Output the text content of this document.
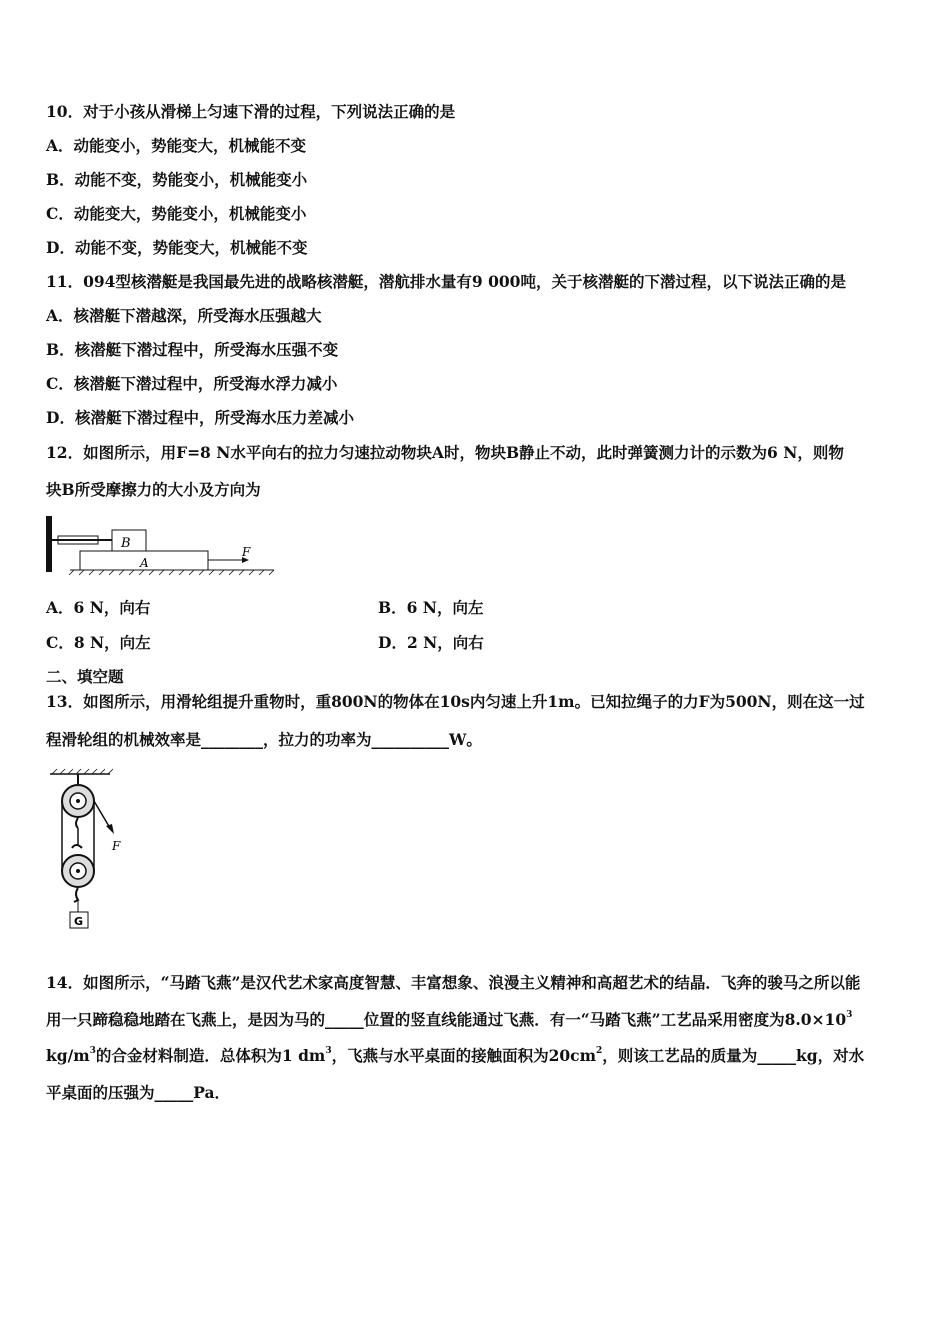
10．对于小孩从滑梯上匀速下滑的过程，下列说法正确的是
A．动能变小，势能变大，机械能不变
B．动能不变，势能变小，机械能变小
C．动能变大，势能变小，机械能变小
D．动能不变，势能变大，机械能不变
11．094型核潜艇是我国最先进的战略核潜艇，潜航排水量有9 000吨，关于核潜艇的下潜过程，以下说法正确的是
A．核潜艇下潜越深，所受海水压强越大
B．核潜艇下潜过程中，所受海水压强不变
C．核潜艇下潜过程中，所受海水浮力减小
D．核潜艇下潜过程中，所受海水压力差减小
12．如图所示，用F=8 N水平向右的拉力匀速拉动物块A时，物块B静止不动，此时弹簧测力计的示数为6 N，则物
块B所受摩擦力的大小及方向为
B
A
F
A．6 N，向右	B．6 N，向左
C．8 N，向左	D．2 N，向右
二、填空题
13．如图所示，用滑轮组提升重物时，重800N的物体在10s内匀速上升1m。已知拉绳子的力F为500N，则在这一过
程滑轮组的机械效率是________，拉力的功率为__________W。
F
G
14．如图所示，“马踏飞燕”是汉代艺术家高度智慧、丰富想象、浪漫主义精神和高超艺术的结晶．飞奔的骏马之所以能
用一只蹄稳稳地踏在飞燕上，是因为马的_____位置的竖直线能通过飞燕．有一“马踏飞燕”工艺品采用密度为$8.0\times 10^3$
$kg/m^3$的合金材料制造．总体积为1 $dm^3$，飞燕与水平桌面的接触面积为$20cm^2$，则该工艺品的质量为_____kg，对水
平桌面的压强为_____Pa．
